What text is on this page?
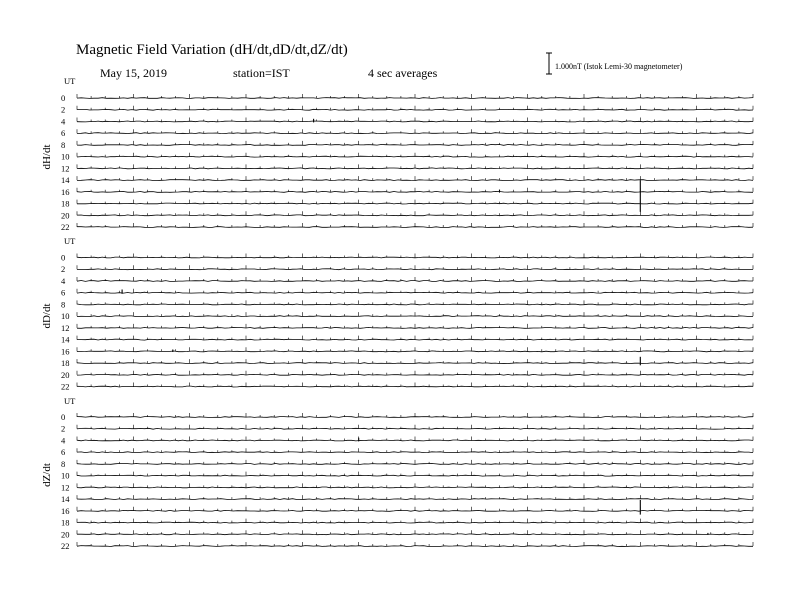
Magnetic Field Variation (dH/dt,dD/dt,dZ/dt)
May 15, 2019	station=IST	4 sec averages	1.000nT (Istok Lemi-30 magnetometer)
UT
dH/dt
0
2
4
6
8
10
12
14
16
18
20
22
UT
dD/dt
0
2
4
6
8
10
12
14
16
18
20
22
UT
dZ/dt
0
2
4
6
8
10
12
14
16
18
20
22
